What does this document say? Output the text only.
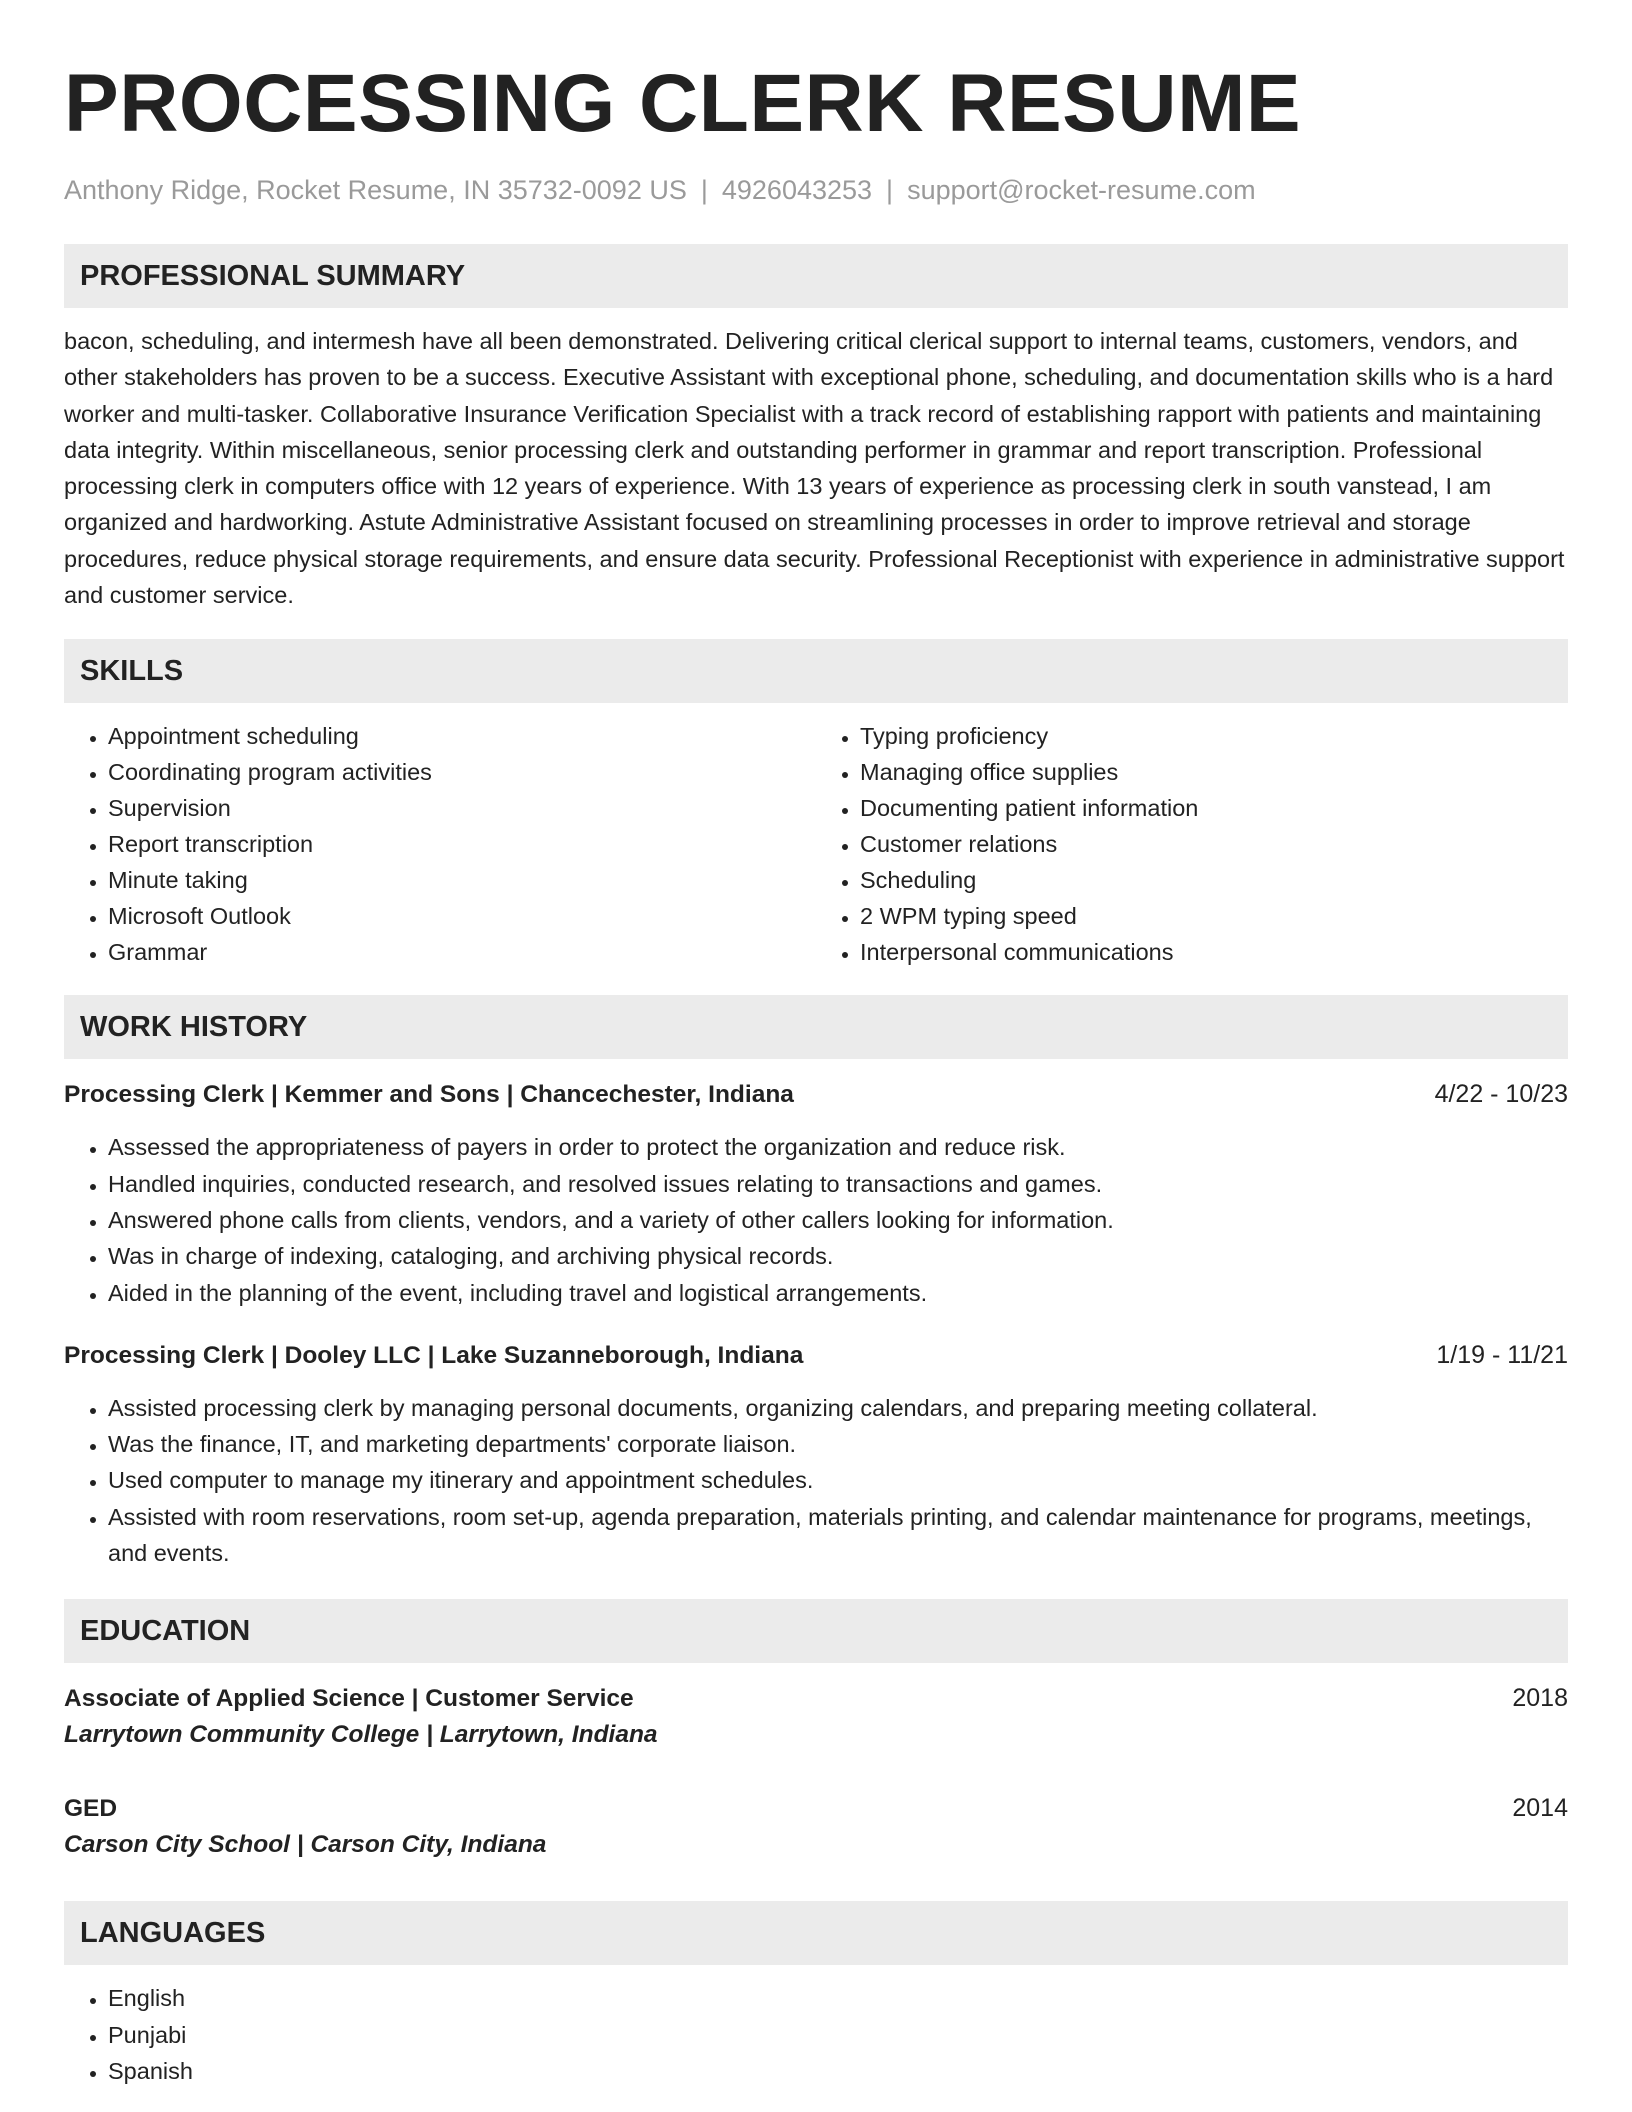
PROCESSING CLERK RESUME
Anthony Ridge, Rocket Resume, IN 35732-0092 US | 4926043253 | support@rocket-resume.com
PROFESSIONAL SUMMARY
bacon, scheduling, and intermesh have all been demonstrated. Delivering critical clerical support to internal teams, customers, vendors, and other stakeholders has proven to be a success. Executive Assistant with exceptional phone, scheduling, and documentation skills who is a hard worker and multi-tasker. Collaborative Insurance Verification Specialist with a track record of establishing rapport with patients and maintaining data integrity. Within miscellaneous, senior processing clerk and outstanding performer in grammar and report transcription. Professional processing clerk in computers office with 12 years of experience. With 13 years of experience as processing clerk in south vanstead, I am organized and hardworking. Astute Administrative Assistant focused on streamlining processes in order to improve retrieval and storage procedures, reduce physical storage requirements, and ensure data security. Professional Receptionist with experience in administrative support and customer service.
SKILLS
• Appointment scheduling
• Coordinating program activities
• Supervision
• Report transcription
• Minute taking
• Microsoft Outlook
• Grammar
• Typing proficiency
• Managing office supplies
• Documenting patient information
• Customer relations
• Scheduling
• 2 WPM typing speed
• Interpersonal communications
WORK HISTORY
Processing Clerk | Kemmer and Sons | Chancechester, Indiana	4/22 - 10/23
• Assessed the appropriateness of payers in order to protect the organization and reduce risk.
• Handled inquiries, conducted research, and resolved issues relating to transactions and games.
• Answered phone calls from clients, vendors, and a variety of other callers looking for information.
• Was in charge of indexing, cataloging, and archiving physical records.
• Aided in the planning of the event, including travel and logistical arrangements.
Processing Clerk | Dooley LLC | Lake Suzanneborough, Indiana	1/19 - 11/21
• Assisted processing clerk by managing personal documents, organizing calendars, and preparing meeting collateral.
• Was the finance, IT, and marketing departments' corporate liaison.
• Used computer to manage my itinerary and appointment schedules.
• Assisted with room reservations, room set-up, agenda preparation, materials printing, and calendar maintenance for programs, meetings, and events.
EDUCATION
Associate of Applied Science | Customer Service	2018
Larrytown Community College | Larrytown, Indiana
GED	2014
Carson City School | Carson City, Indiana
LANGUAGES
• English
• Punjabi
• Spanish
